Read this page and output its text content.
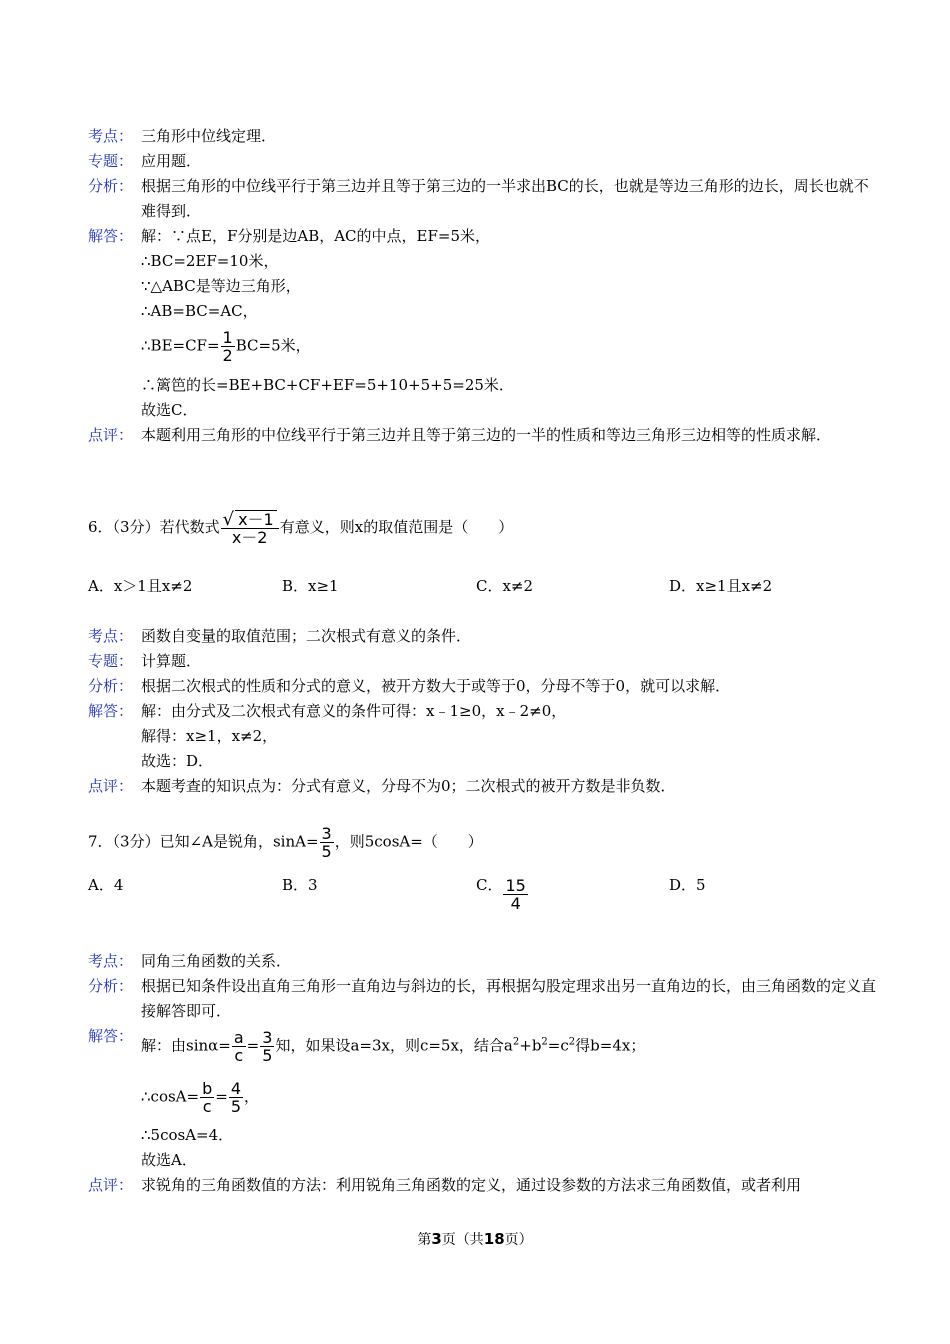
考点： 三角形中位线定理．
专题： 应用题．
分析： 根据三角形的中位线平行于第三边并且等于第三边的一半求出BC的长，也就是等边三角形的边长，周长也就不难得到．
解答： 解：∵点E，F分别是边AB，AC的中点，EF=5米，
∴BC=2EF=10米，
∵△ABC是等边三角形，
∴AB=BC=AC，
∴BE=CF= $\frac{1}{2} BC=5$米，
∴篱笆的长=BE+BC+CF+EF=5+10+5+5=25米．
故选C．
点评： 本题利用三角形的中位线平行于第三边并且等于第三边的一半的性质和等边三角形三边相等的性质求解．
6．（3分）若代数式 $\frac{√ x-1}{x-2}$ 有意义，则x的取值范围是（　　）
A．x＞1且x≠2	B．x≥1	C．x≠2	D．x≥1且x≠2
考点： 函数自变量的取值范围；二次根式有意义的条件．
专题： 计算题．
分析： 根据二次根式的性质和分式的意义，被开方数大于或等于0，分母不等于0，就可以求解．
解答： 解：由分式及二次根式有意义的条件可得：x﹣1≥0，x﹣2≠0，
解得：x≥1，x≠2，
故选：D．
点评： 本题考查的知识点为：分式有意义，分母不为0；二次根式的被开方数是非负数．
7．（3分）已知∠A是锐角，$\sin A= \frac{3}{5}$ ，则5cosA=（　　）
A．4	B．3	C． $\frac{15}{4}$	D．5
考点： 同角三角函数的关系．
分析： 根据已知条件设出直角三角形一直角边与斜边的长，再根据勾股定理求出另一直角边的长，由三角函数的定义直接解答即可．
解答：
解：由$\sin\alpha= \frac{a}{c} = \frac{3}{5}$ 知，如果设a=3x，则c=5x，结合$a^2+b^2=c^2$得b=4x；
∴cosA= $\frac{b}{c} = \frac{4}{5}$ ，
∴5cosA=4．
故选A．
点评： 求锐角的三角函数值的方法：利用锐角三角函数的定义，通过设参数的方法求三角函数值，或者利用
第3页（共18页）
